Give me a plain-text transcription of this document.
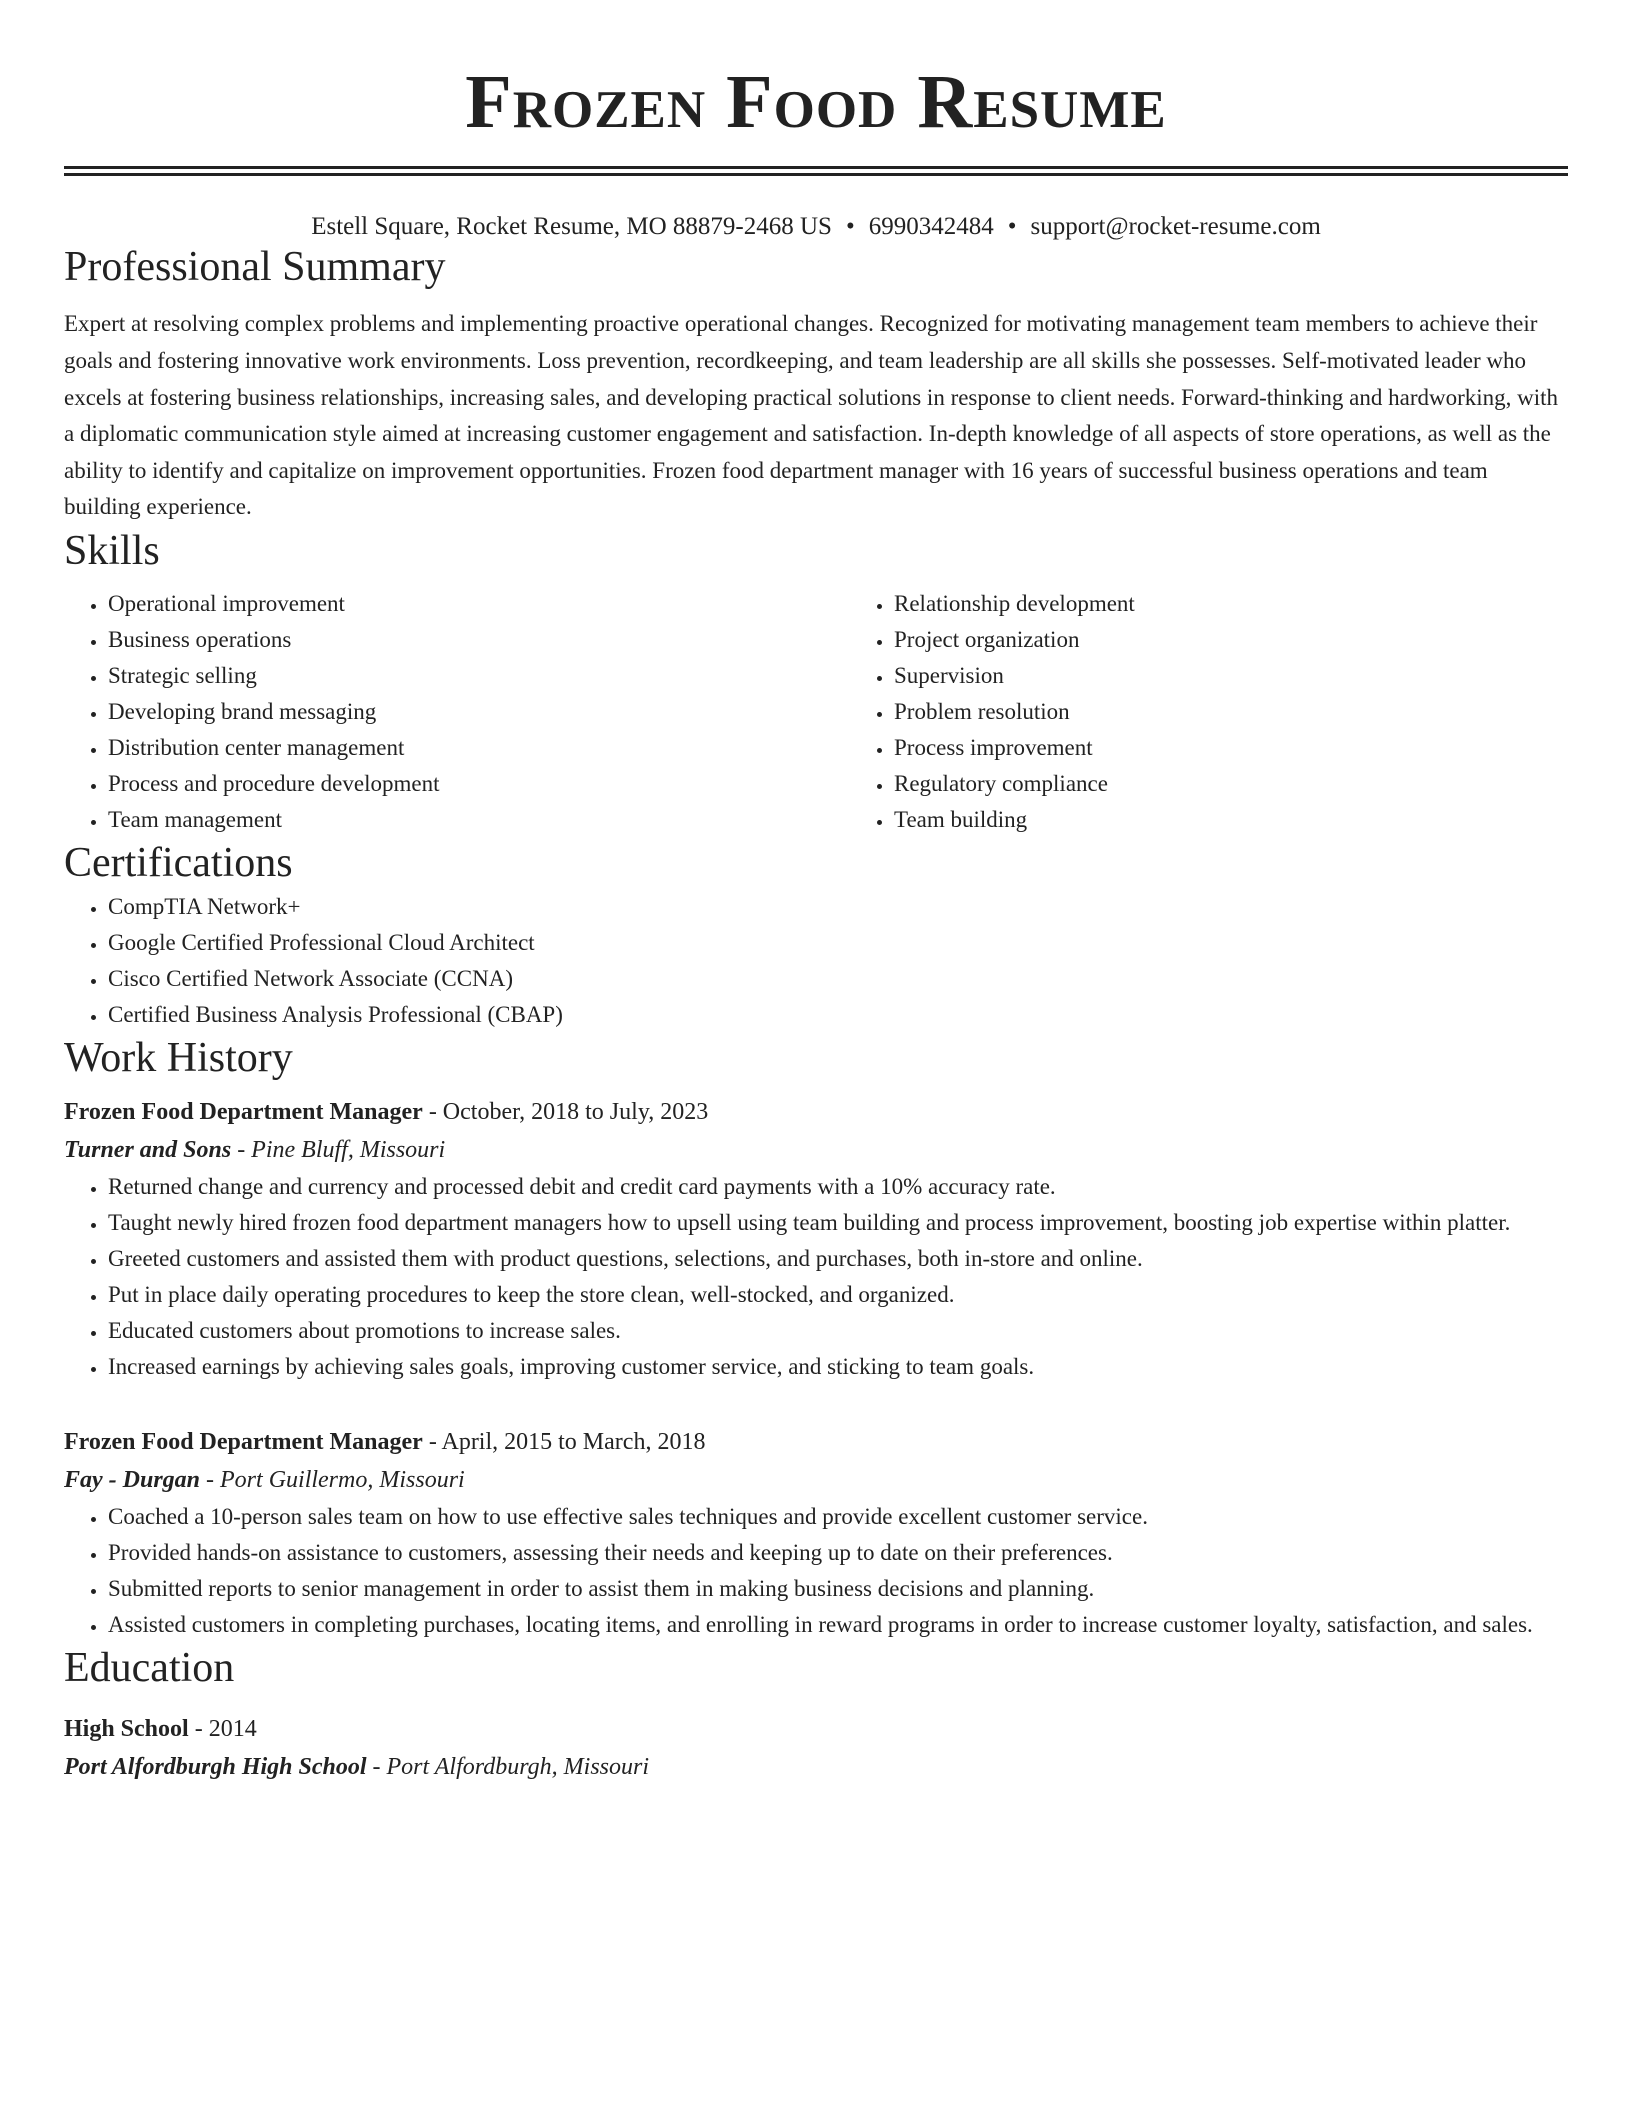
Frozen Food Resume
Estell Square, Rocket Resume, MO 88879-2468 US • 6990342484 • support@rocket-resume.com
Professional Summary

Expert at resolving complex problems and implementing proactive operational changes. Recognized for motivating management team members to achieve their goals and fostering innovative work environments. Loss prevention, recordkeeping, and team leadership are all skills she possesses. Self-motivated leader who excels at fostering business relationships, increasing sales, and developing practical solutions in response to client needs. Forward-thinking and hardworking, with a diplomatic communication style aimed at increasing customer engagement and satisfaction. In-depth knowledge of all aspects of store operations, as well as the ability to identify and capitalize on improvement opportunities. Frozen food department manager with 16 years of successful business operations and team building experience.

Skills
• Operational improvement
• Business operations
• Strategic selling
• Developing brand messaging
• Distribution center management
• Process and procedure development
• Team management
• Relationship development
• Project organization
• Supervision
• Problem resolution
• Process improvement
• Regulatory compliance
• Team building
Certifications
• CompTIA Network+
• Google Certified Professional Cloud Architect
• Cisco Certified Network Associate (CCNA)
• Certified Business Analysis Professional (CBAP)
Work History
Frozen Food Department Manager - October, 2018 to July, 2023
Turner and Sons - Pine Bluff, Missouri
• Returned change and currency and processed debit and credit card payments with a 10% accuracy rate.
• Taught newly hired frozen food department managers how to upsell using team building and process improvement, boosting job expertise within platter.
• Greeted customers and assisted them with product questions, selections, and purchases, both in-store and online.
• Put in place daily operating procedures to keep the store clean, well-stocked, and organized.
• Educated customers about promotions to increase sales.
• Increased earnings by achieving sales goals, improving customer service, and sticking to team goals.
Frozen Food Department Manager - April, 2015 to March, 2018
Fay - Durgan - Port Guillermo, Missouri
• Coached a 10-person sales team on how to use effective sales techniques and provide excellent customer service.
• Provided hands-on assistance to customers, assessing their needs and keeping up to date on their preferences.
• Submitted reports to senior management in order to assist them in making business decisions and planning.
• Assisted customers in completing purchases, locating items, and enrolling in reward programs in order to increase customer loyalty, satisfaction, and sales.
Education
High School - 2014
Port Alfordburgh High School - Port Alfordburgh, Missouri
